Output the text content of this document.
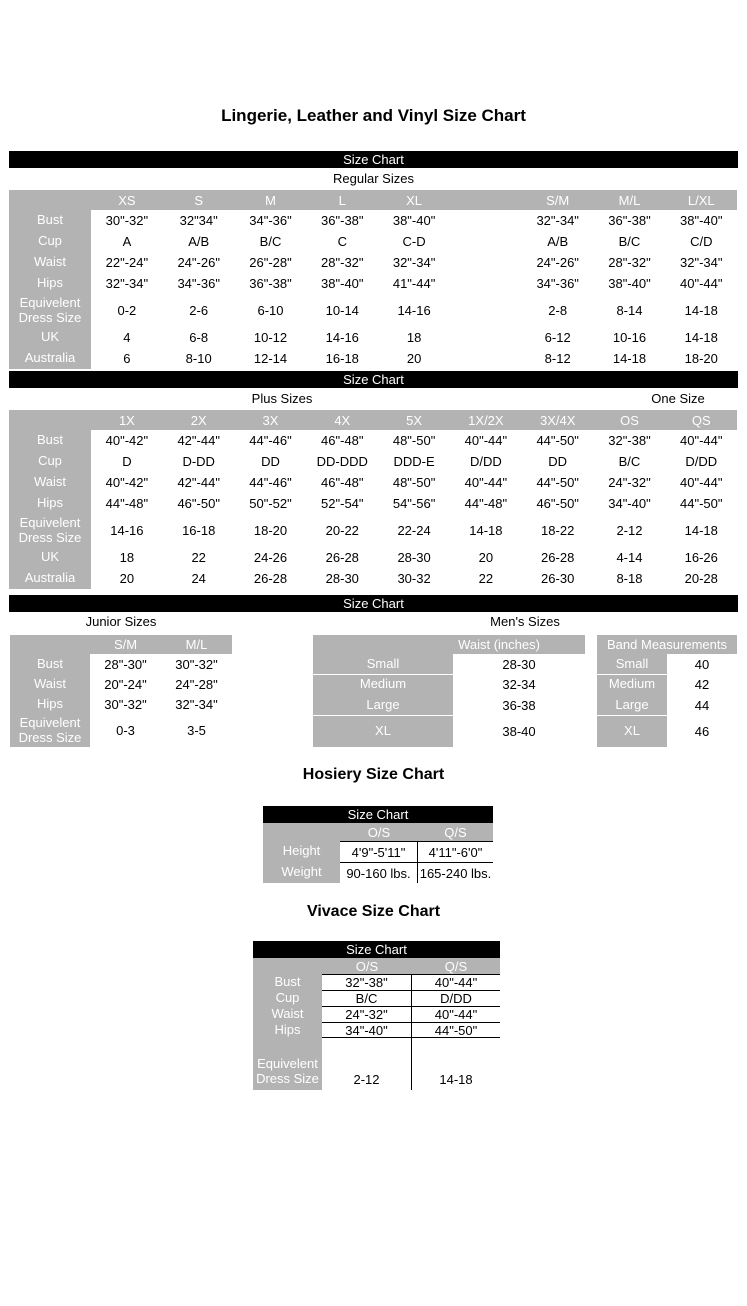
Lingerie, Leather and Vinyl Size Chart
Size Chart
Regular Sizes
XS	S	M	L	XL	S/M	M/L	L/XL
Bust	30"-32"	32"34"	34"-36"	36"-38"	38"-40"	32"-34"	36"-38"	38"-40"
Cup	A	A/B	B/C	C	C-D	A/B	B/C	C/D
Waist	22"-24"	24"-26"	26"-28"	28"-32"	32"-34"	24"-26"	28"-32"	32"-34"
Hips	32"-34"	34"-36"	36"-38"	38"-40"	41"-44"	34"-36"	38"-40"	40"-44"
Equivelent Dress Size	0-2	2-6	6-10	10-14	14-16	2-8	8-14	14-18
UK	4	6-8	10-12	14-16	18	6-12	10-16	14-18
Australia	6	8-10	12-14	16-18	20	8-12	14-18	18-20
Size Chart
Plus Sizes	One Size
1X	2X	3X	4X	5X	1X/2X	3X/4X	OS	QS
Bust	40"-42"	42"-44"	44"-46"	46"-48"	48"-50"	40"-44"	44"-50"	32"-38"	40"-44"
Cup	D	D-DD	DD	DD-DDD	DDD-E	D/DD	DD	B/C	D/DD
Waist	40"-42"	42"-44"	44"-46"	46"-48"	48"-50"	40"-44"	44"-50"	24"-32"	40"-44"
Hips	44"-48"	46"-50"	50"-52"	52"-54"	54"-56"	44"-48"	46"-50"	34"-40"	44"-50"
Equivelent Dress Size	14-16	16-18	18-20	20-22	22-24	14-18	18-22	2-12	14-18
UK	18	22	24-26	26-28	28-30	20	26-28	4-14	16-26
Australia	20	24	26-28	28-30	30-32	22	26-30	8-18	20-28
Size Chart
Junior Sizes	Men's Sizes
S/M	M/L
Bust	28"-30"	30"-32"
Waist	20"-24"	24"-28"
Hips	30"-32"	32"-34"
Equivelent Dress Size	0-3	3-5
Waist (inches)
Small	28-30
Medium	32-34
Large	36-38
XL	38-40
Band Measurements
Small	40
Medium	42
Large	44
XL	46
Hosiery Size Chart
Size Chart
O/S	Q/S
Height	4'9"-5'11"	4'11"-6'0"
Weight	90-160 lbs. 165-240 lbs.
Vivace Size Chart
Size Chart
O/S	Q/S
Bust	32"-38"	40"-44"
Cup	B/C	D/DD
Waist	24"-32"	40"-44"
Hips	34"-40"	44"-50"
Equivelent Dress Size	2-12	14-18
